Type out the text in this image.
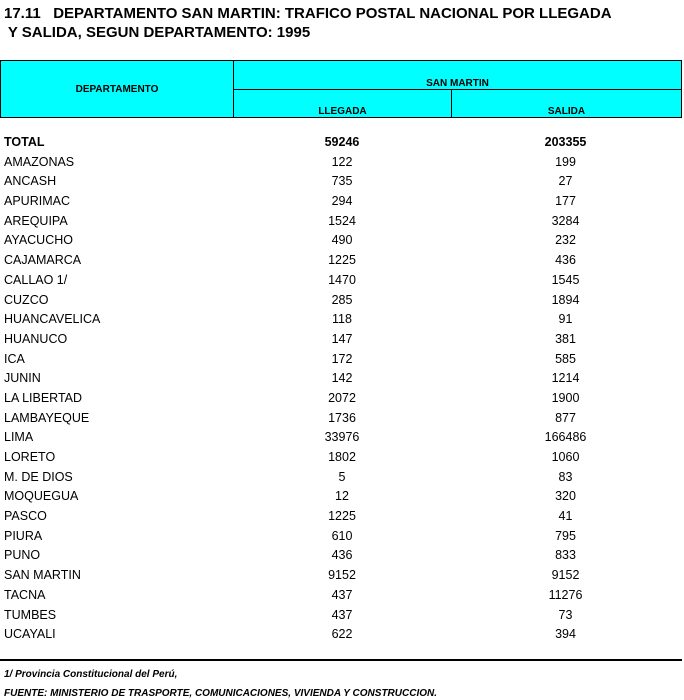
17.11   DEPARTAMENTO SAN MARTIN: TRAFICO POSTAL NACIONAL POR LLEGADA
Y SALIDA, SEGUN DEPARTAMENTO: 1995
DEPARTAMENTO	SAN MARTIN
LLEGADA	SALIDA
TOTAL	59246	203355
AMAZONAS	122	199
ANCASH	735	27
APURIMAC	294	177
AREQUIPA	1524	3284
AYACUCHO	490	232
CAJAMARCA	1225	436
CALLAO 1/	1470	1545
CUZCO	285	1894
HUANCAVELICA	118	91
HUANUCO	147	381
ICA	172	585
JUNIN	142	1214
LA LIBERTAD	2072	1900
LAMBAYEQUE	1736	877
LIMA	33976	166486
LORETO	1802	1060
M. DE DIOS	5	83
MOQUEGUA	12	320
PASCO	1225	41
PIURA	610	795
PUNO	436	833
SAN MARTIN	9152	9152
TACNA	437	11276
TUMBES	437	73
UCAYALI	622	394
1/ Provincia Constitucional del Perú,
FUENTE: MINISTERIO DE TRASPORTE, COMUNICACIONES, VIVIENDA Y CONSTRUCCION.
